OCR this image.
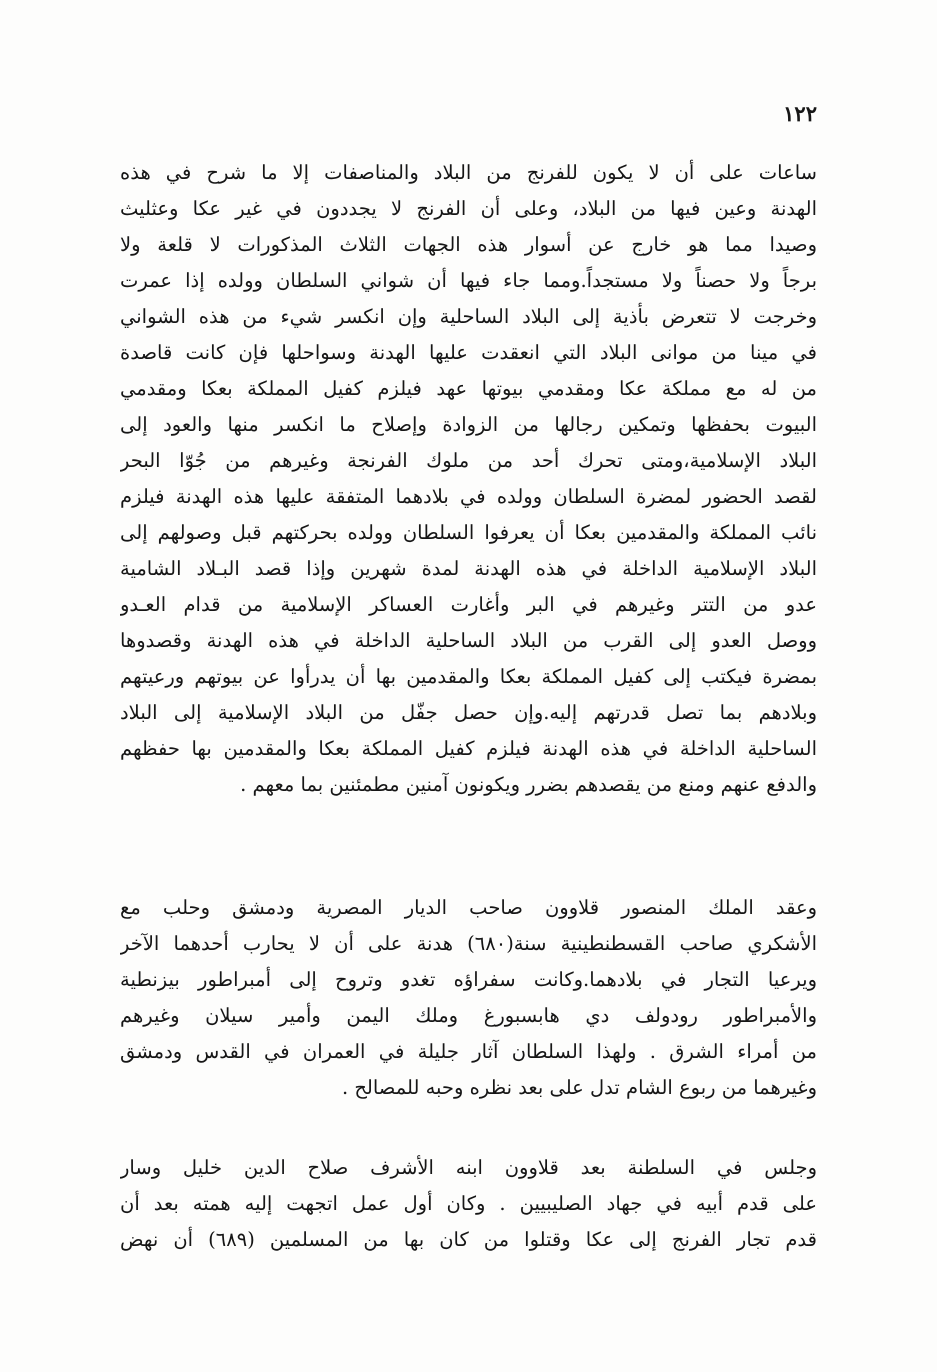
١٢٢
ساعات على أن لا يكون للفرنج من البلاد والمناصفات إلا ما شرح في هذه
الهدنة وعين فيها من البلاد، وعلى أن الفرنج لا يجددون في غير عكا وعثليث
وصيدا مما هو خارج عن أسوار هذه الجهات الثلاث المذكورات لا قلعة ولا
برجاً ولا حصناً ولا مستجداً.ومما جاء فيها أن شواني السلطان وولده إذا عمرت
وخرجت لا تتعرض بأذية إلى البلاد الساحلية وإن انكسر شيء من هذه الشواني
في مينا من موانى البلاد التي انعقدت عليها الهدنة وسواحلها فإن كانت قاصدة
من له مع مملكة عكا ومقدمي بيوتها عهد فيلزم كفيل المملكة بعكا ومقدمي
البيوت بحفظها وتمكين رجالها من الزوادة وإصلاح ما انكسر منها والعود إلى
البلاد الإسلامية،ومتى تحرك أحد من ملوك الفرنجة وغيرهم من جُوّا البحر
لقصد الحضور لمضرة السلطان وولده في بلادهما المتفقة عليها هذه الهدنة فيلزم
نائب المملكة والمقدمين بعكا أن يعرفوا السلطان وولده بحركتهم قبل وصولهم إلى
البلاد الإسلامية الداخلة في هذه الهدنة لمدة شهرين وإذا قصد البـلاد الشامية
عدو من التتر وغيرهم في البر وأغارت العساكر الإسلامية من قدام العـدو
ووصل العدو إلى القرب من البلاد الساحلية الداخلة في هذه الهدنة وقصدوها
بمضرة فيكتب إلى كفيل المملكة بعكا والمقدمين بها أن يدرأوا عن بيوتهم ورعيتهم
وبلادهم بما تصل قدرتهم إليه.وإن حصل جفّل من البلاد الإسلامية إلى البلاد
الساحلية الداخلة في هذه الهدنة فيلزم كفيل المملكة بعكا والمقدمين بها حفظهم
والدفع عنهم ومنع من يقصدهم بضرر ويكونون آمنين مطمئنين بما معهم .
وعقد الملك المنصور قلاوون صاحب الديار المصرية ودمشق وحلب مع
الأشكري صاحب القسطنطينية سنة(٦٨٠) هدنة على أن لا يحارب أحدهما الآخر
ويرعيا التجار في بلادهما.وكانت سفراؤه تغدو وتروح إلى أمبراطور بيزنطية
والأمبراطور رودولف دي هابسبورغ وملك اليمن وأمير سيلان وغيرهم
من أمراء الشرق . ولهذا السلطان آثار جليلة في العمران في القدس ودمشق
وغيرهما من ربوع الشام تدل على بعد نظره وحبه للمصالح .
وجلس في السلطنة بعد قلاوون ابنه الأشرف صلاح الدين خليل وسار
على قدم أبيه في جهاد الصليبيين . وكان أول عمل اتجهت إليه همته بعد أن
قدم تجار الفرنج إلى عكا وقتلوا من كان بها من المسلمين (٦٨٩) أن نهض
